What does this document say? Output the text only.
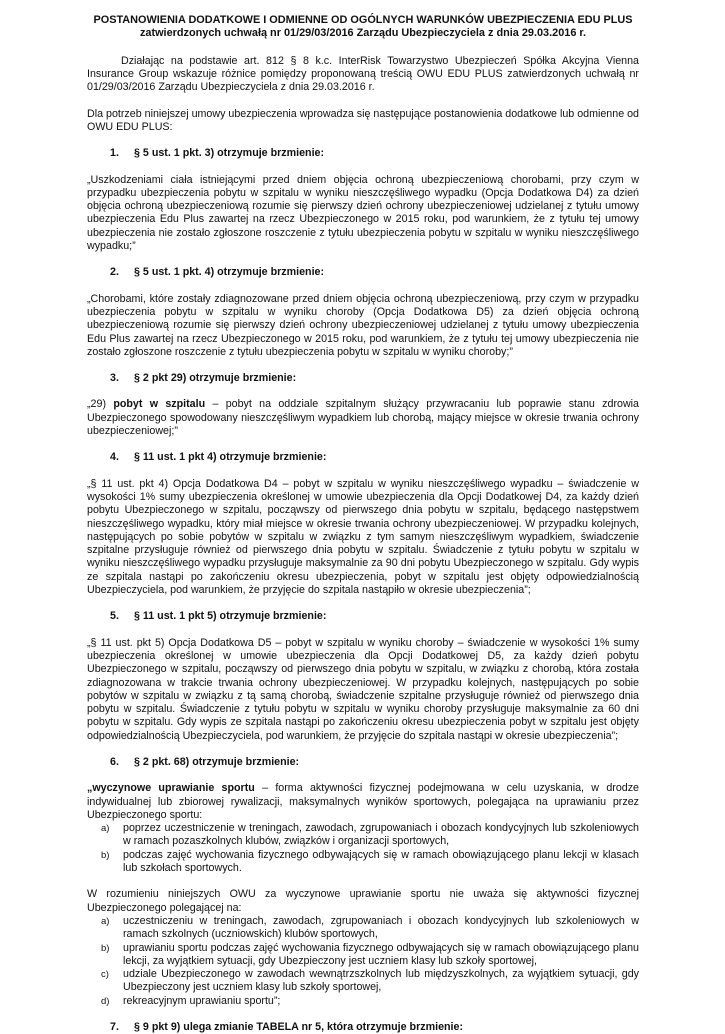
POSTANOWIENIA DODATKOWE I ODMIENNE OD OGÓLNYCH WARUNKÓW UBEZPIECZENIA EDU PLUS
zatwierdzonych uchwałą nr 01/29/03/2016 Zarządu Ubezpieczyciela z dnia 29.03.2016 r.

Działając na podstawie art. 812 § 8 k.c. InterRisk Towarzystwo Ubezpieczeń Spółka Akcyjna Vienna Insurance Group wskazuje różnice pomiędzy proponowaną treścią OWU EDU PLUS zatwierdzonych uchwałą nr 01/29/03/2016 Zarządu Ubezpieczyciela z dnia 29.03.2016 r.

Dla potrzeb niniejszej umowy ubezpieczenia wprowadza się następujące postanowienia dodatkowe lub odmienne od OWU EDU PLUS:

1. § 5 ust. 1 pkt. 3) otrzymuje brzmienie:

„Uszkodzeniami ciała istniejącymi przed dniem objęcia ochroną ubezpieczeniową chorobami, przy czym w przypadku ubezpieczenia pobytu w szpitalu w wyniku nieszczęśliwego wypadku (Opcja Dodatkowa D4) za dzień objęcia ochroną ubezpieczeniową rozumie się pierwszy dzień ochrony ubezpieczeniowej udzielanej z tytułu umowy ubezpieczenia Edu Plus zawartej na rzecz Ubezpieczonego w 2015 roku, pod warunkiem, że z tytułu tej umowy ubezpieczenia nie zostało zgłoszone roszczenie z tytułu ubezpieczenia pobytu w szpitalu w wyniku nieszczęśliwego wypadku;”

2. § 5 ust. 1 pkt. 4) otrzymuje brzmienie:

„Chorobami, które zostały zdiagnozowane przed dniem objęcia ochroną ubezpieczeniową, przy czym w przypadku ubezpieczenia pobytu w szpitalu w wyniku choroby (Opcja Dodatkowa D5) za dzień objęcia ochroną ubezpieczeniową rozumie się pierwszy dzień ochrony ubezpieczeniowej udzielanej z tytułu umowy ubezpieczenia Edu Plus zawartej na rzecz Ubezpieczonego w 2015 roku, pod warunkiem, że z tytułu tej umowy ubezpieczenia nie zostało zgłoszone roszczenie z tytułu ubezpieczenia pobytu w szpitalu w wyniku choroby;”

3. § 2 pkt 29) otrzymuje brzmienie:

„29) pobyt w szpitalu – pobyt na oddziale szpitalnym służący przywracaniu lub poprawie stanu zdrowia Ubezpieczonego spowodowany nieszczęśliwym wypadkiem lub chorobą, mający miejsce w okresie trwania ochrony ubezpieczeniowej;”

4. § 11 ust. 1 pkt 4) otrzymuje brzmienie:

„§ 11 ust. pkt 4) Opcja Dodatkowa D4 – pobyt w szpitalu w wyniku nieszczęśliwego wypadku – świadczenie w wysokości 1% sumy ubezpieczenia określonej w umowie ubezpieczenia dla Opcji Dodatkowej D4, za każdy dzień pobytu Ubezpieczonego w szpitalu, począwszy od pierwszego dnia pobytu w szpitalu, będącego następstwem nieszczęśliwego wypadku, który miał miejsce w okresie trwania ochrony ubezpieczeniowej. W przypadku kolejnych, następujących po sobie pobytów w szpitalu w związku z tym samym nieszczęśliwym wypadkiem, świadczenie szpitalne przysługuje również od pierwszego dnia pobytu w szpitalu. Świadczenie z tytułu pobytu w szpitalu w wyniku nieszczęśliwego wypadku przysługuje maksymalnie za 90 dni pobytu Ubezpieczonego w szpitalu. Gdy wypis ze szpitala nastąpi po zakończeniu okresu ubezpieczenia, pobyt w szpitalu jest objęty odpowiedzialnością Ubezpieczyciela, pod warunkiem, że przyjęcie do szpitala nastąpiło w okresie ubezpieczenia”;

5. § 11 ust. 1 pkt 5) otrzymuje brzmienie:

„§ 11 ust. pkt 5) Opcja Dodatkowa D5 – pobyt w szpitalu w wyniku choroby – świadczenie w wysokości 1% sumy ubezpieczenia określonej w umowie ubezpieczenia dla Opcji Dodatkowej D5, za każdy dzień pobytu Ubezpieczonego w szpitalu, począwszy od pierwszego dnia pobytu w szpitalu, w związku z chorobą, która została zdiagnozowana w trakcie trwania ochrony ubezpieczeniowej. W przypadku kolejnych, następujących po sobie pobytów w szpitalu w związku z tą samą chorobą, świadczenie szpitalne przysługuje również od pierwszego dnia pobytu w szpitalu. Świadczenie z tytułu pobytu w szpitalu w wyniku choroby przysługuje maksymalnie za 60 dni pobytu w szpitalu. Gdy wypis ze szpitala nastąpi po zakończeniu okresu ubezpieczenia pobyt w szpitalu jest objęty odpowiedzialnością Ubezpieczyciela, pod warunkiem, że przyjęcie do szpitala nastąpi w okresie ubezpieczenia”;

6. § 2 pkt. 68) otrzymuje brzmienie:

„wyczynowe uprawianie sportu – forma aktywności fizycznej podejmowana w celu uzyskania, w drodze indywidualnej lub zbiorowej rywalizacji, maksymalnych wyników sportowych, polegająca na uprawianiu przez Ubezpieczonego sportu:

a) poprzez uczestniczenie w treningach, zawodach, zgrupowaniach i obozach kondycyjnych lub szkoleniowych w ramach pozaszkolnych klubów, związków i organizacji sportowych,
b) podczas zajęć wychowania fizycznego odbywających się w ramach obowiązującego planu lekcji w klasach lub szkołach sportowych.

W rozumieniu niniejszych OWU za wyczynowe uprawianie sportu nie uważa się aktywności fizycznej Ubezpieczonego polegającej na:

a) uczestniczeniu w treningach, zawodach, zgrupowaniach i obozach kondycyjnych lub szkoleniowych w ramach szkolnych (uczniowskich) klubów sportowych,
b) uprawianiu sportu podczas zajęć wychowania fizycznego odbywających się w ramach obowiązującego planu lekcji, za wyjątkiem sytuacji, gdy Ubezpieczony jest uczniem klasy lub szkoły sportowej,
c) udziale Ubezpieczonego w zawodach wewnątrzszkolnych lub międzyszkolnych, za wyjątkiem sytuacji, gdy Ubezpieczony jest uczniem klasy lub szkoły sportowej,
d) rekreacyjnym uprawianiu sportu”;
7. § 9 pkt 9) ulega zmianie TABELA nr 5, która otrzymuje brzmienie:
